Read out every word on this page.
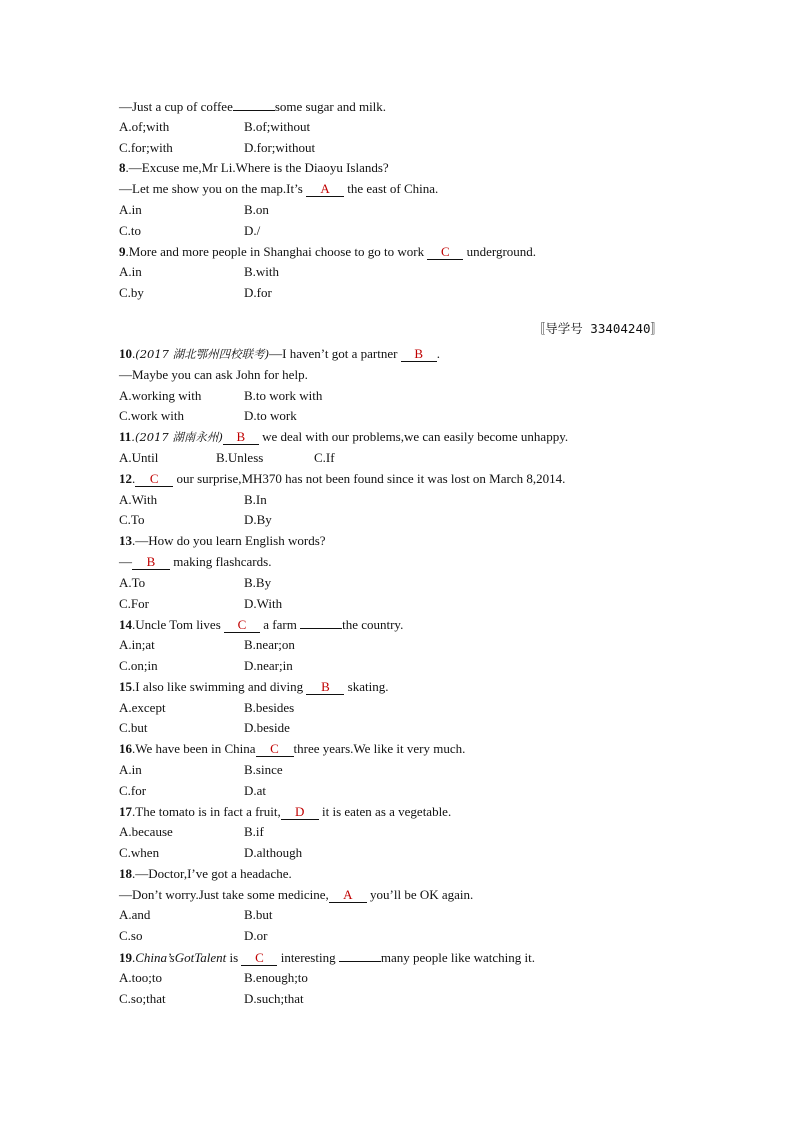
—Just a cup of coffee	some sugar and milk.
A.of;with	B.of;without
C.for;with	D.for;without
8.—Excuse me,Mr Li.Where is the Diaoyu Islands?
—Let me show you on the map.It’s A the east of China.
A.in	B.on
C.to	D./
9.More and more people in Shanghai choose to go to work C underground.
A.in	B.with
C.by	D.for
〚导学号 33404240〛
10.(2017 湖北鄂州四校联考)—I haven’t got a partner B .
—Maybe you can ask John for help.
A.working with	B.to work with
C.work with	D.to work
11.(2017 湖南永州) B we deal with our problems,we can easily become unhappy.
A.Until	B.Unless	C.If
12. C our surprise,MH370 has not been found since it was lost on March 8,2014.
A.With	B.In
C.To	D.By
13.—How do you learn English words?
— B making flashcards.
A.To	B.By
C.For	D.With
14.Uncle Tom lives C a farm	the country.
A.in;at	B.near;on
C.on;in	D.near;in
15.I also like swimming and diving B skating.
A.except	B.besides
C.but	D.beside
16.We have been in China C three years.We like it very much.
A.in	B.since
C.for	D.at
17.The tomato is in fact a fruit, D it is eaten as a vegetable.
A.because	B.if
C.when	D.although
18.—Doctor,I’ve got a headache.
—Don’t worry.Just take some medicine, A you’ll be OK again.
A.and	B.but
C.so	D.or
19.China’sGotTalent is C interesting	many people like watching it.
A.too;to	B.enough;to
C.so;that	D.such;that
